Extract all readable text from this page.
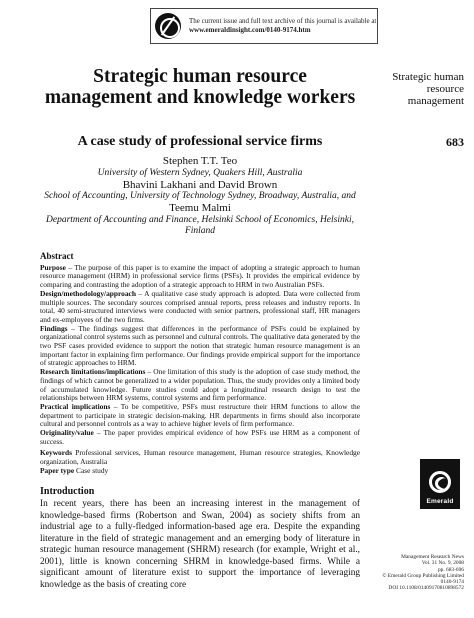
The current issue and full text archive of this journal is available at
www.emeraldinsight.com/0140-9174.htm
Strategic human resource management and knowledge workers
A case study of professional service firms
Stephen T.T. Teo
University of Western Sydney, Quakers Hill, Australia
Bhavini Lakhani and David Brown
School of Accounting, University of Technology Sydney, Broadway, Australia, and
Teemu Malmi
Department of Accounting and Finance, Helsinki School of Economics, Helsinki, Finland
Strategic human
resource
management
683
Abstract

Purpose – The purpose of this paper is to examine the impact of adopting a strategic approach to human resource management (HRM) in professional service firms (PSFs). It provides the empirical evidence by comparing and contrasting the adoption of a strategic approach to HRM in two Australian PSFs.

Design/methodology/approach – A qualitative case study approach is adopted. Data were collected from multiple sources. The secondary sources comprised annual reports, press releases and industry reports. In total, 40 semi-structured interviews were conducted with senior partners, professional staff, HR managers and ex-employees of the two firms.

Findings – The findings suggest that differences in the performance of PSFs could be explained by organizational control systems such as personnel and cultural controls. The qualitative data generated by the two PSF cases provided evidence to support the notion that strategic human resource management is an important factor in explaining firm performance. Our findings provide empirical support for the importance of strategic approaches to HRM.

Research limitations/implications – One limitation of this study is the adoption of case study method, the findings of which cannot be generalized to a wider population. Thus, the study provides only a limited body of accumulated knowledge. Future studies could adopt a longitudinal research design to test the relationships between HRM systems, control systems and firm performance.

Practical implications – To be competitive, PSFs must restructure their HRM functions to allow the department to participate in strategic decision-making. HR departments in firms should also incorporate cultural and personnel controls as a way to achieve higher levels of firm performance.

Originality/value – The paper provides empirical evidence of how PSFs use HRM as a component of success.

Keywords Professional services, Human resource management, Human resource strategies, Knowledge organization, Australia

Paper type Case study

Introduction
In recent years, there has been an increasing interest in the management of knowledge-based firms (Robertson and Swan, 2004) as society shifts from an industrial age to a fully-fledged information-based age era. Despite the expanding literature in the field of strategic management and an emerging body of literature in strategic human resource management (SHRM) research (for example, Wright et al., 2001), little is known concerning SHRM in knowledge-based firms. While a significant amount of literature exist to support the importance of leveraging knowledge as the basis of creating core
Emerald
Management Research News
Vol. 31 No. 9, 2008
pp. 683-696
© Emerald Group Publishing Limited
0140-9174
DOI 10.1108/01409170810898572
